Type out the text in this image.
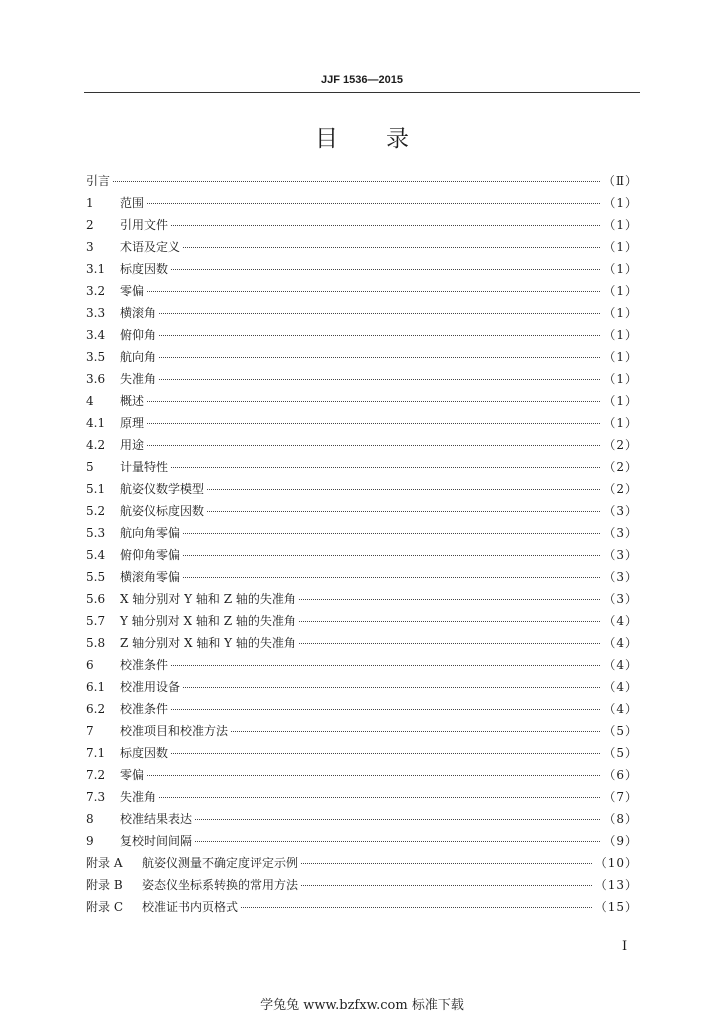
JJF 1536—2015
目录
引言	（Ⅱ）
1	范围	（1）
2	引用文件	（1）
3	术语及定义	（1）
3.1	标度因数	（1）
3.2	零偏	（1）
3.3	横滚角	（1）
3.4	俯仰角	（1）
3.5	航向角	（1）
3.6	失准角	（1）
4	概述	（1）
4.1	原理	（1）
4.2	用途	（2）
5	计量特性	（2）
5.1	航姿仪数学模型	（2）
5.2	航姿仪标度因数	（3）
5.3	航向角零偏	（3）
5.4	俯仰角零偏	（3）
5.5	横滚角零偏	（3）
5.6	X 轴分别对 Y 轴和 Z 轴的失准角	（3）
5.7	Y 轴分别对 X 轴和 Z 轴的失准角	（4）
5.8	Z 轴分别对 X 轴和 Y 轴的失准角	（4）
6	校准条件	（4）
6.1	校准用设备	（4）
6.2	校准条件	（4）
7	校准项目和校准方法	（5）
7.1	标度因数	（5）
7.2	零偏	（6）
7.3	失准角	（7）
8	校准结果表达	（8）
9	复校时间间隔	（9）
附录 A	航姿仪测量不确定度评定示例	（10）
附录 B	姿态仪坐标系转换的常用方法	（13）
附录 C	校准证书内页格式	（15）
I
学兔兔 www.bzfxw.com 标准下载
